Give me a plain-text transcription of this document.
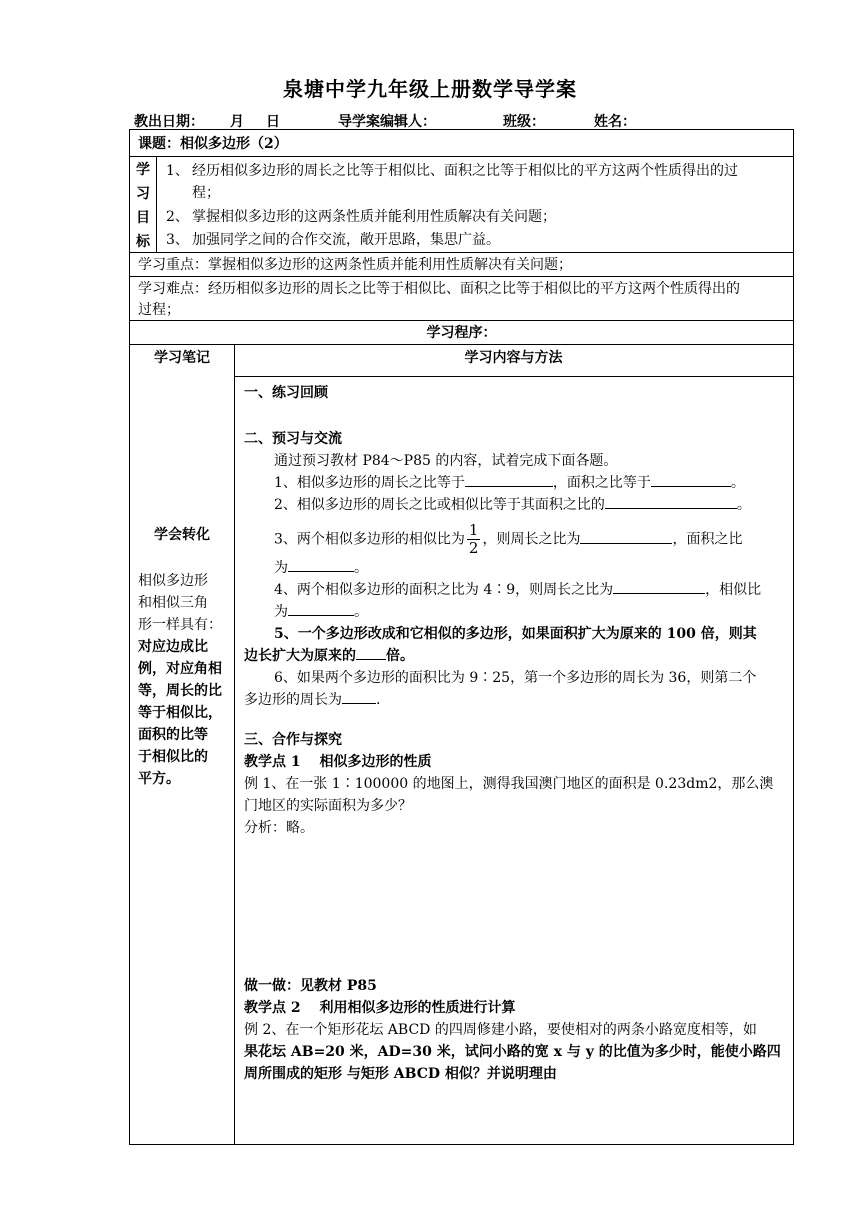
泉塘中学九年级上册数学导学案
教出日期： 月 日	导学案编辑人：	班级：	姓名：
课题：相似多边形（2）
学
习
目
标
1、 经历相似多边形的周长之比等于相似比、面积之比等于相似比的平方这两个性质得出的过
程；
2、 掌握相似多边形的这两条性质并能利用性质解决有关问题；
3、 加强同学之间的合作交流，敞开思路，集思广益。
学习重点：掌握相似多边形的这两条性质并能利用性质解决有关问题；
学习难点：经历相似多边形的周长之比等于相似比、面积之比等于相似比的平方这两个性质得出的
过程；
学习程序：
学习笔记	学习内容与方法
学会转化
相似多边形
和相似三角
形一样具有：
对应边成比
例，对应角相
等，周长的比
等于相似比，
面积的比等
于相似比的
平方。

一、练习回顾

二、预习与交流

通过预习教材 P84～P85 的内容，试着完成下面各题。

1、相似多边形的周长之比等于	，面积之比等于	。

2、相似多边形的周长之比或相似比等于其面积之比的	。

3、两个相似多边形的相似比为 $\frac{1}{2}$ ，则周长之比为	，面积之比

为	。

4、两个相似多边形的面积之比为 4∶9，则周长之比为	，相似比

为	。

5、一个多边形改成和它相似的多边形，如果面积扩大为原来的 100 倍，则其

边长扩大为原来的 倍。

6、如果两个多边形的面积比为 9∶25，第一个多边形的周长为 36，则第二个

多边形的周长为 .

三、合作与探究

教学点 1　 相似多边形的性质

例 1、在一张 1∶100000 的地图上，测得我国澳门地区的面积是 0.23dm2，那么澳

门地区的实际面积为多少？

分析：略。

做一做：见教材 P85

教学点 2　 利用相似多边形的性质进行计算

例 2、在一个矩形花坛 ABCD 的四周修建小路，要使相对的两条小路宽度相等，如

果花坛 AB=20 米，AD=30 米，试问小路的宽 x 与 y 的比值为多少时，能使小路四

周所围成的矩形 与矩形 ABCD 相似？并说明理由
